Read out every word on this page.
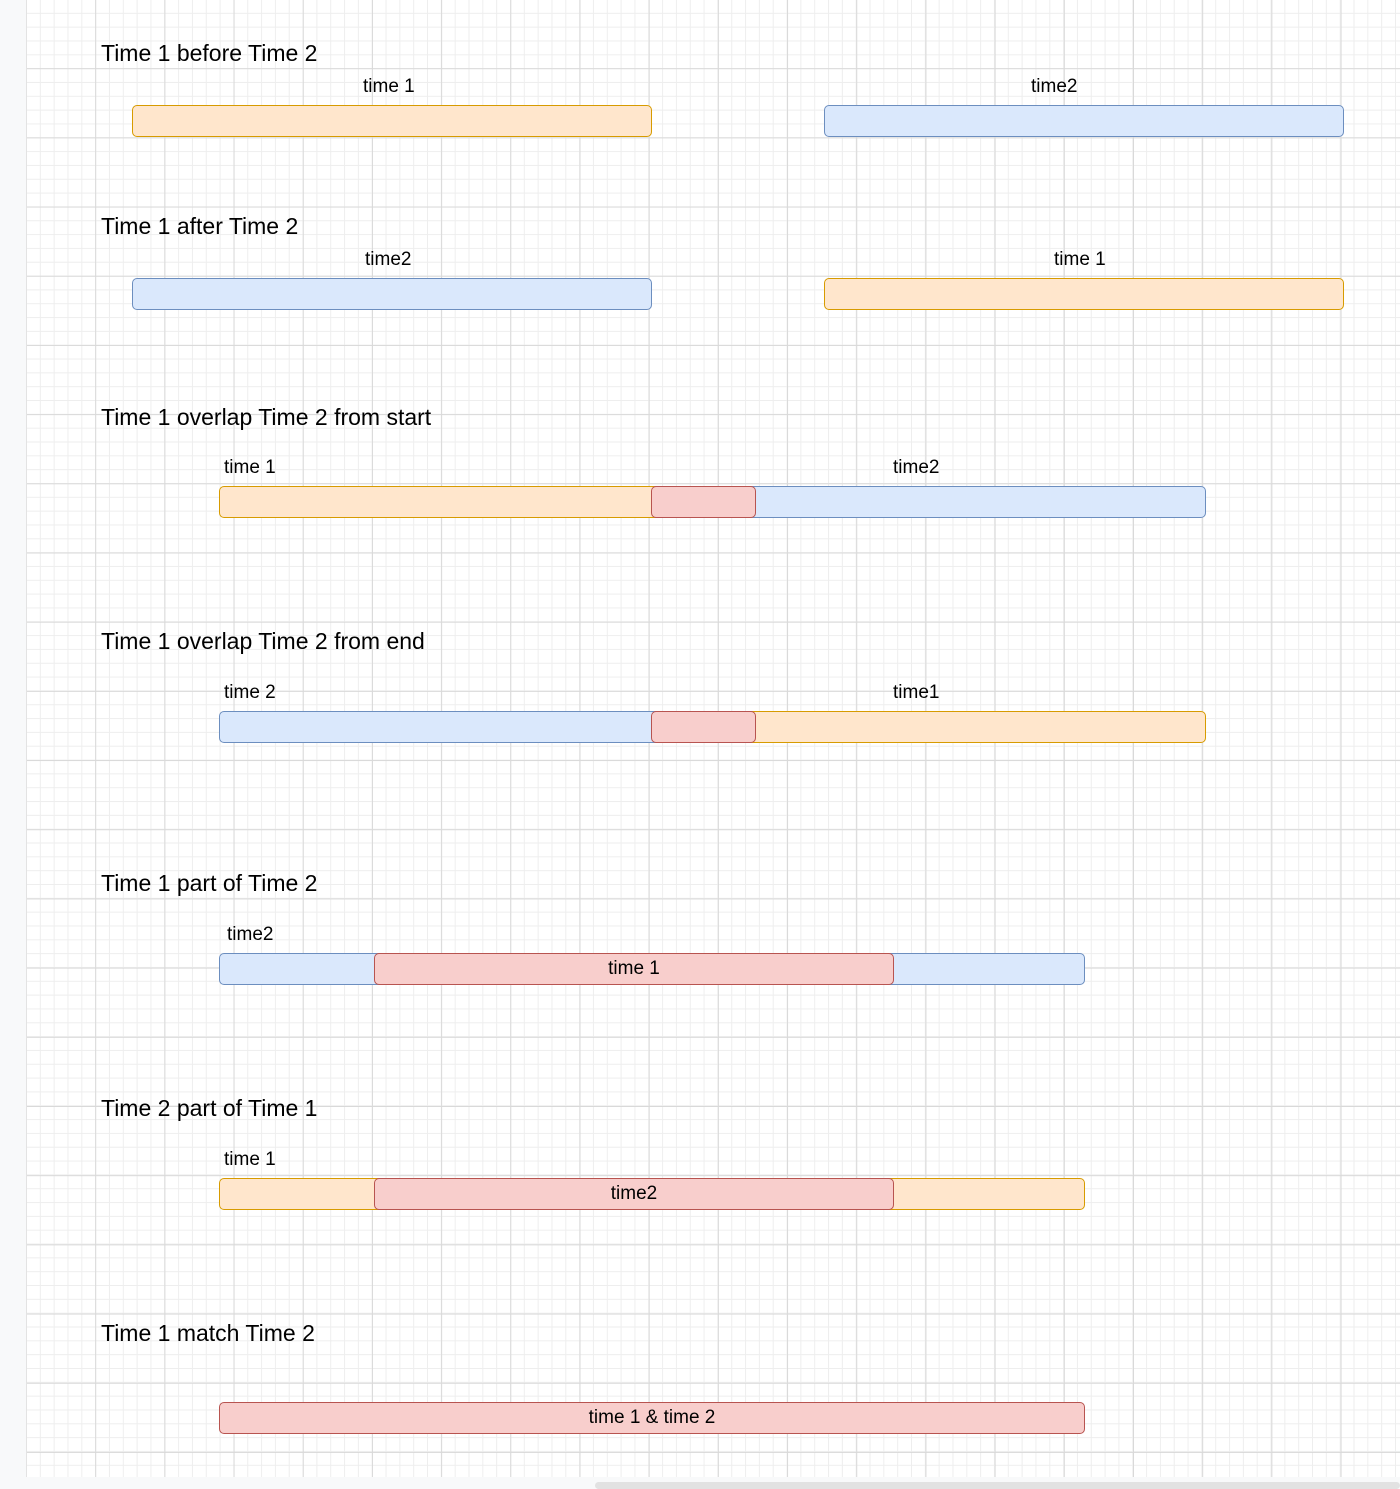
Time 1 before Time 2
time 1	time2
Time 1 after Time 2
time2	time 1
Time 1 overlap Time 2 from start
time 1	time2
Time 1 overlap Time 2 from end
time 2	time1
Time 1 part of Time 2
time2
time 1
Time 2 part of Time 1
time 1
time2
Time 1 match Time 2
time 1 & time 2
